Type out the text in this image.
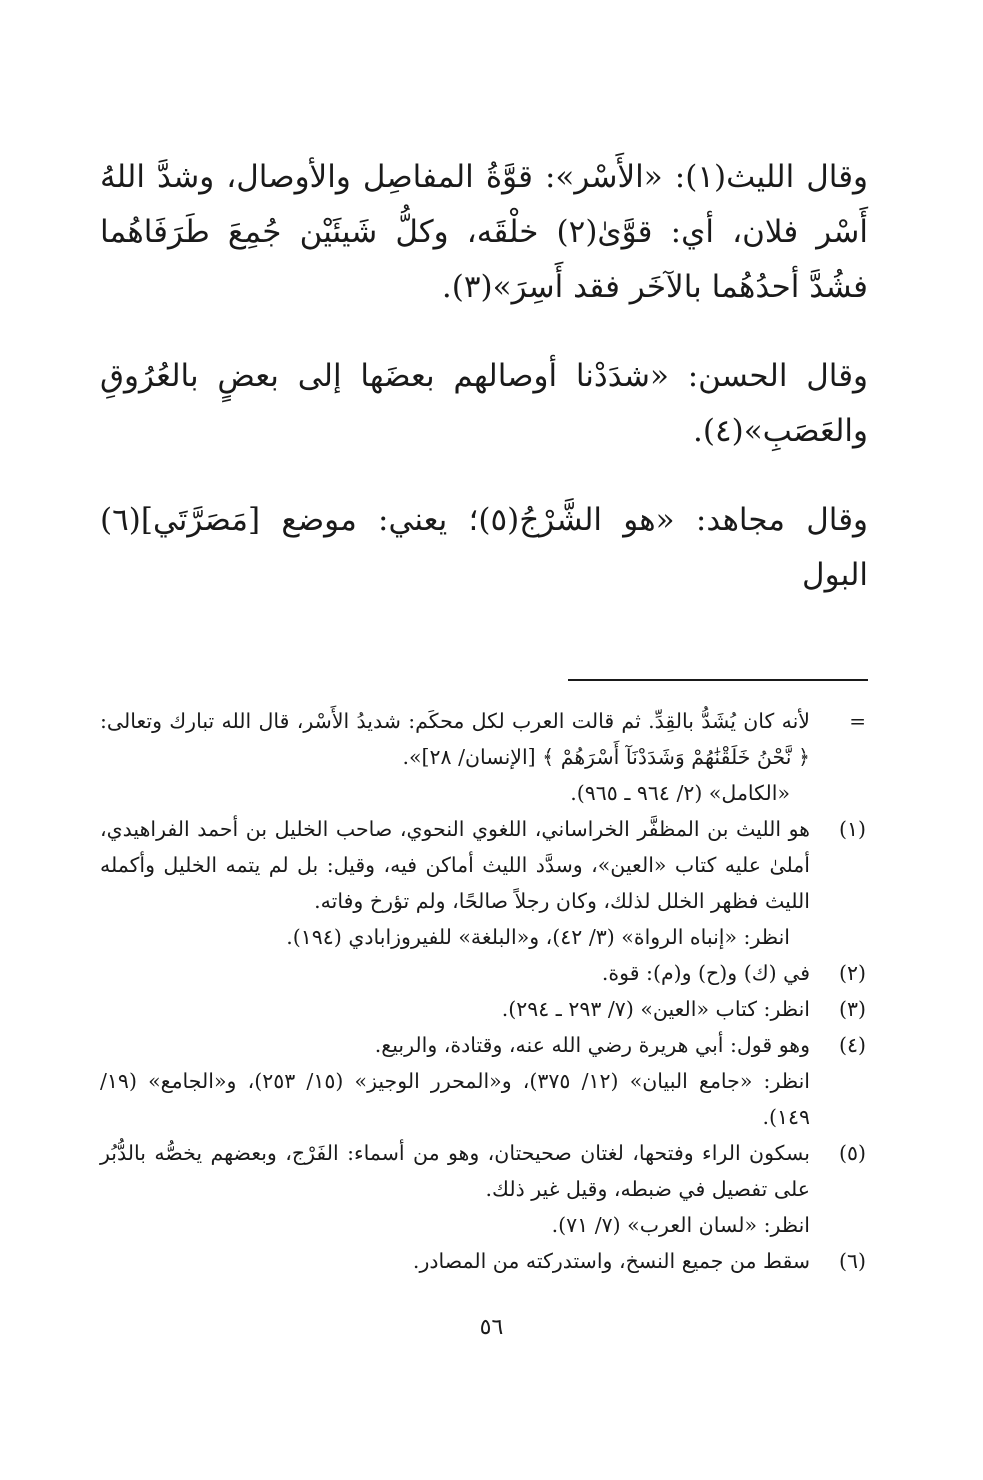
وقال الليث(١): «الأَسْر»: قوَّةُ المفاصِل والأوصال، وشدَّ اللهُ أَسْر فلان، أي: قوَّىٰ(٢) خلْقَه، وكلُّ شَيئَيْن جُمِعَ طَرَفَاهُما فشُدَّ أحدُهُما بالآخَر فقد أَسِرَ»(٣).

وقال الحسن: «شدَدْنا أوصالهم بعضَها إلى بعضٍ بالعُرُوقِ والعَصَبِ»(٤).

وقال مجاهد: «هو الشَّرْجُ(٥)؛ يعني: موضع [مَصَرَّتَي](٦) البول

=
لأنه كان يُشَدُّ بالقِدِّ. ثم قالت العرب لكل محكَم: شديدُ الأَسْر، قال الله تبارك وتعالى: ﴿ نَّحْنُ خَلَقْنَٰهُمْ وَشَدَدْنَآ أَسْرَهُمْ ﴾ [الإنسان/ ٢٨]».
«الكامل» (٢/ ٩٦٤ ـ ٩٦٥).
(١)
هو الليث بن المظفَّر الخراساني، اللغوي النحوي، صاحب الخليل بن أحمد الفراهيدي، أملىٰ عليه كتاب «العين»، وسدَّد الليث أماكن فيه، وقيل: بل لم يتمه الخليل وأكمله الليث فظهر الخلل لذلك، وكان رجلاً صالحًا، ولم تؤرخ وفاته.
انظر: «إنباه الرواة» (٣/ ٤٢)، و«البلغة» للفيروزابادي (١٩٤).
(٢)
في (ك) و(ح) و(م): قوة.
(٣)
انظر: كتاب «العين» (٧/ ٢٩٣ ـ ٢٩٤).
(٤)
وهو قول: أبي هريرة رضي الله عنه، وقتادة، والربيع.
انظر: «جامع البيان» (١٢/ ٣٧٥)، و«المحرر الوجيز» (١٥/ ٢٥٣)، و«الجامع» (١٩/ ١٤٩).
(٥)
بسكون الراء وفتحها، لغتان صحيحتان، وهو من أسماء: الفَرْج، وبعضهم يخصُّه بالدُّبُر على تفصيل في ضبطه، وقيل غير ذلك.
انظر: «لسان العرب» (٧/ ٧١).
(٦)
سقط من جميع النسخ، واستدركته من المصادر.
٥٦
